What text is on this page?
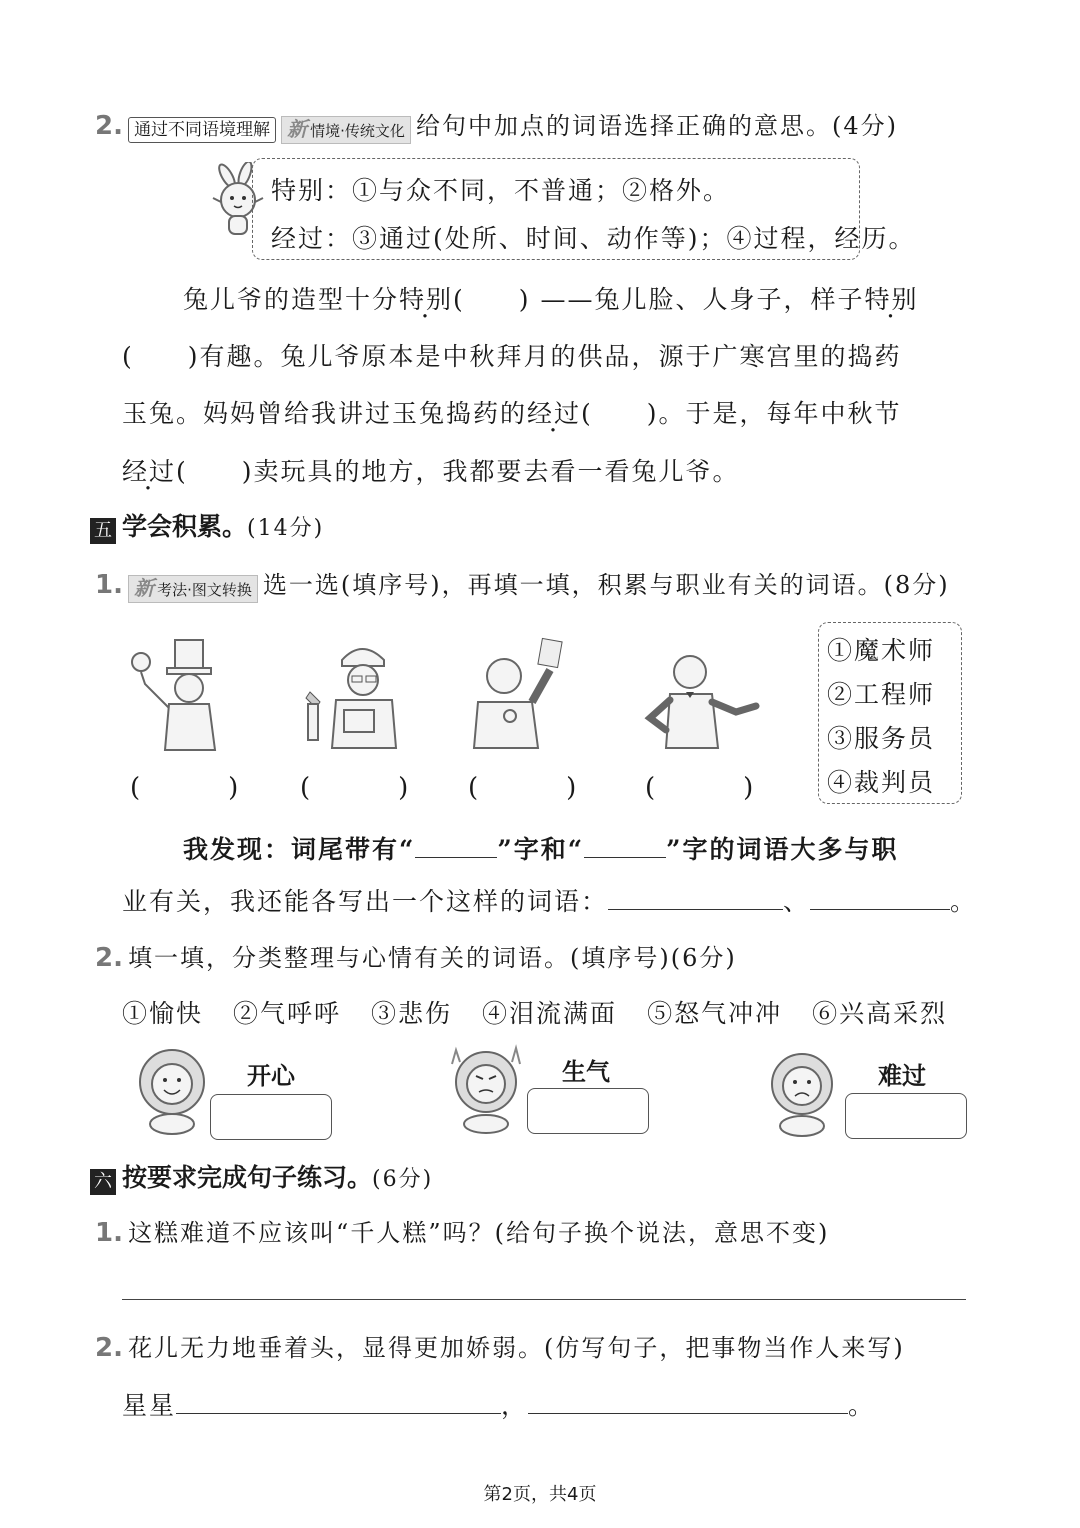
2. 通过不同语境理解 新 情境·传统文化 给句中加点的词语选择正确的意思。(4分)
特别：①与众不同，不普通；②格外。
经过：③通过(处所、时间、动作等)；④过程，经历。
兔儿爷的造型十分特别(　　) ——兔儿脸、人身子，样子特别
(　　)有趣。兔儿爷原本是中秋拜月的供品，源于广寒宫里的捣药
玉兔。妈妈曾给我讲过玉兔捣药的经过(　　)。于是，每年中秋节
经过(　　)卖玩具的地方，我都要去看一看兔儿爷。
五 学会积累。(14分)
1. 新 考法·图文转换 选一选(填序号)，再填一填，积累与职业有关的词语。(8分)
(　　) (　　) (　　) (　　)
①魔术师
②工程师
③服务员
④裁判员
我发现：词尾带有“	”字和“	”字的词语大多与职
业有关，我还能各写出一个这样的词语：	、	。
2. 填一填，分类整理与心情有关的词语。(填序号)(6分)
①愉快 ②气呼呼 ③悲伤 ④泪流满面 ⑤怒气冲冲 ⑥兴高采烈
开心	生气	难过
六 按要求完成句子练习。(6分)
1. 这糕难道不应该叫“千人糕”吗？(给句子换个说法，意思不变)
2. 花儿无力地垂着头，显得更加娇弱。(仿写句子，把事物当作人来写)
星星	，	。
第2页，共4页
